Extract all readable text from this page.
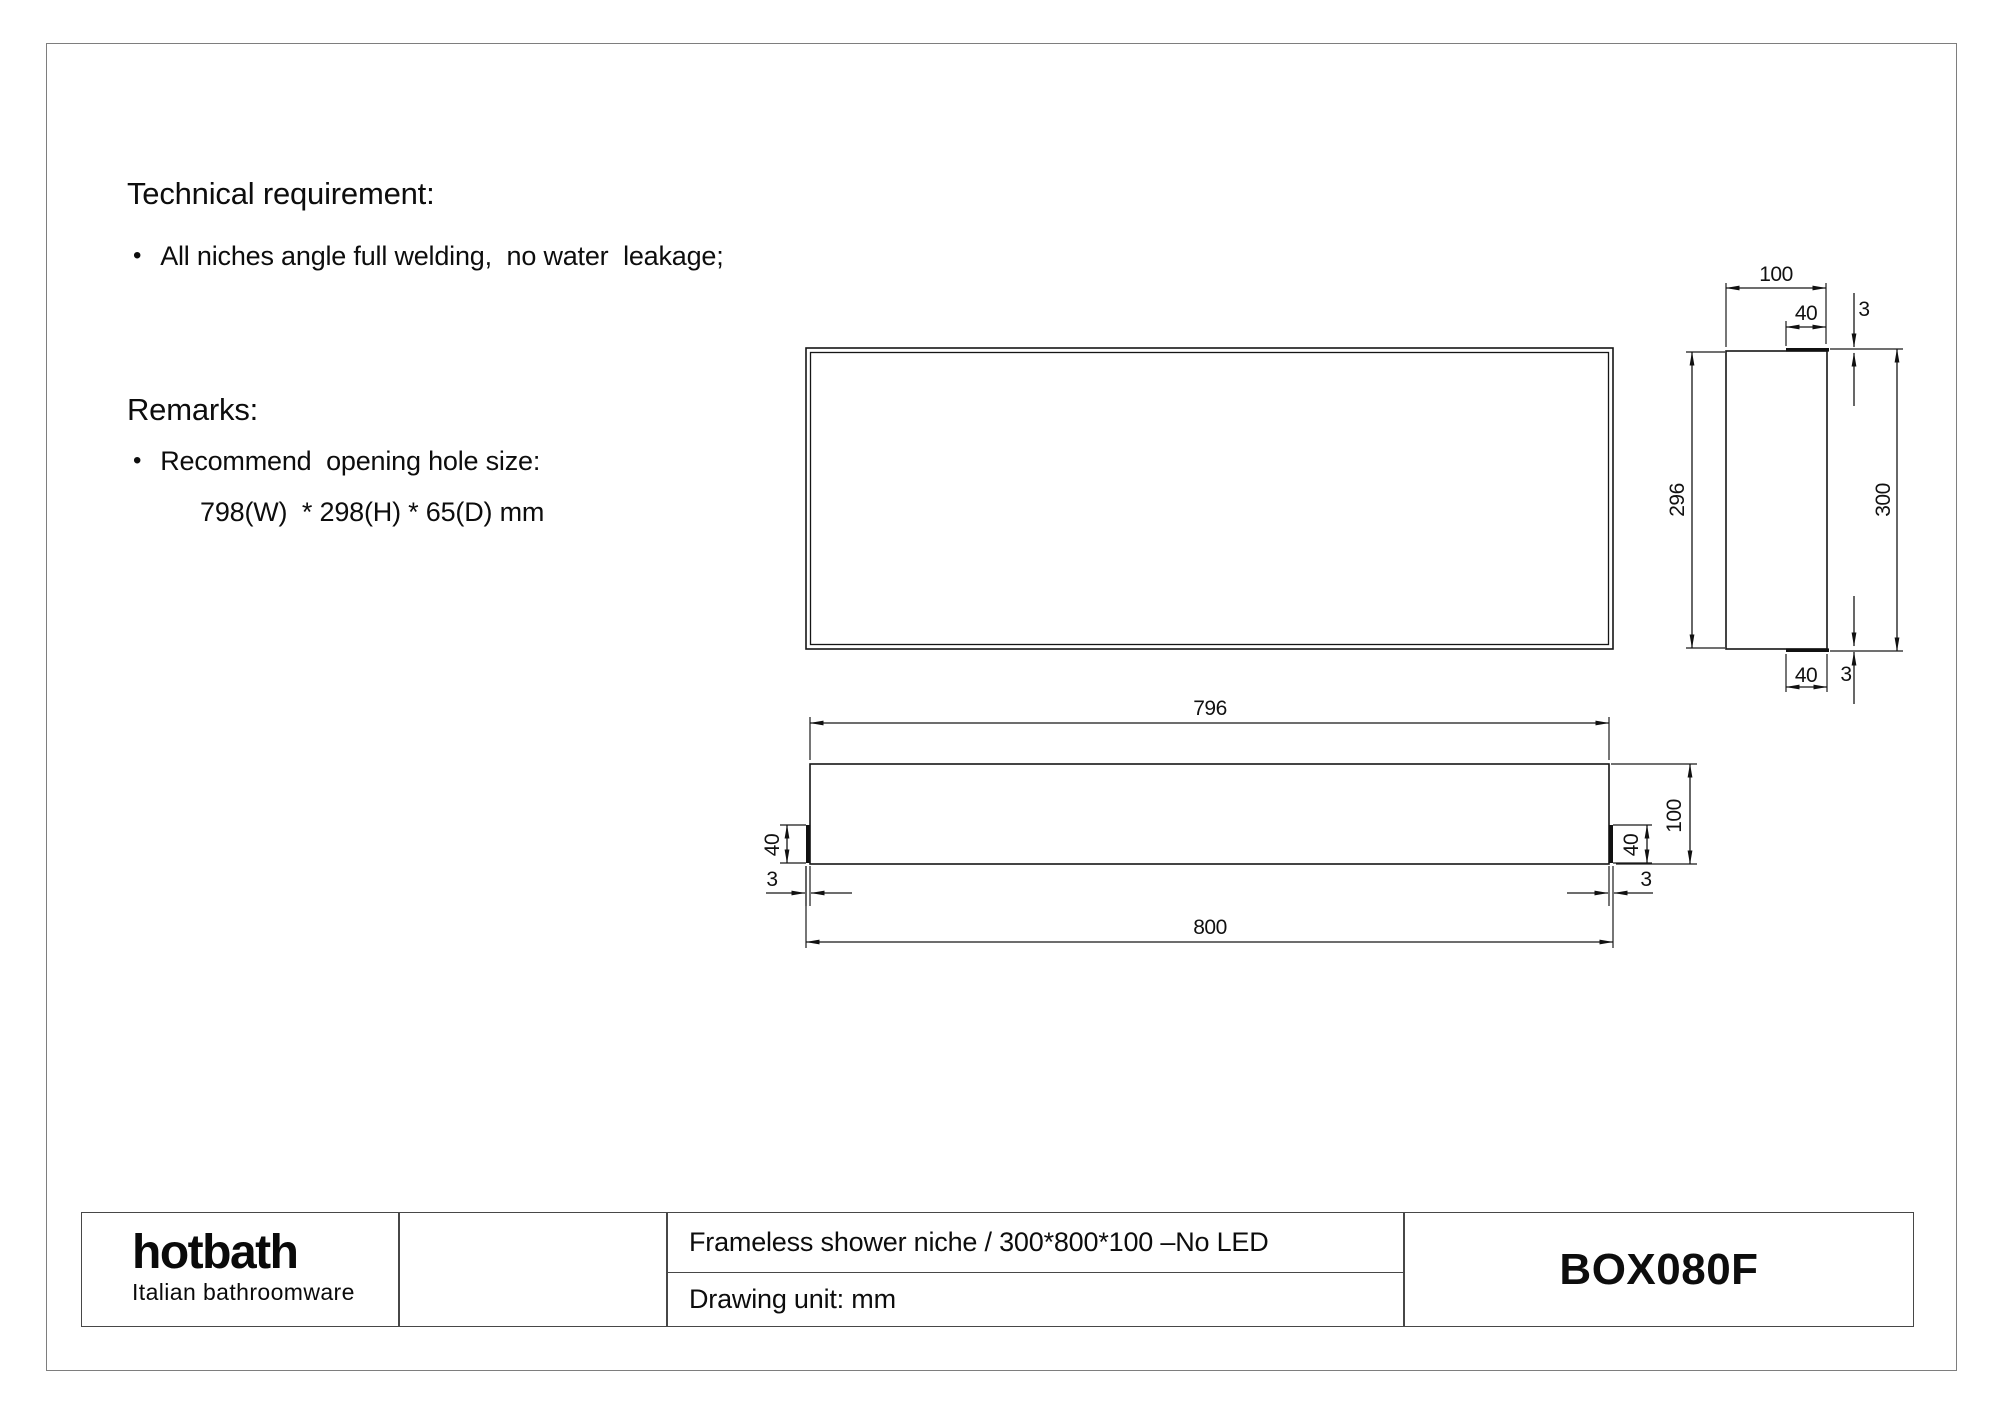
Technical requirement:
• All niches angle full welding,  no water  leakage;
Remarks:
• Recommend  opening hole size:
798(W)  * 298(H) * 65(D) mm
100
40 3
296	300
40 3
796
800
100
40	40
3	3
hotbath
Italian bathroomware
Frameless shower niche / 300*800*100 –No LED
Drawing unit: mm
BOX080F
